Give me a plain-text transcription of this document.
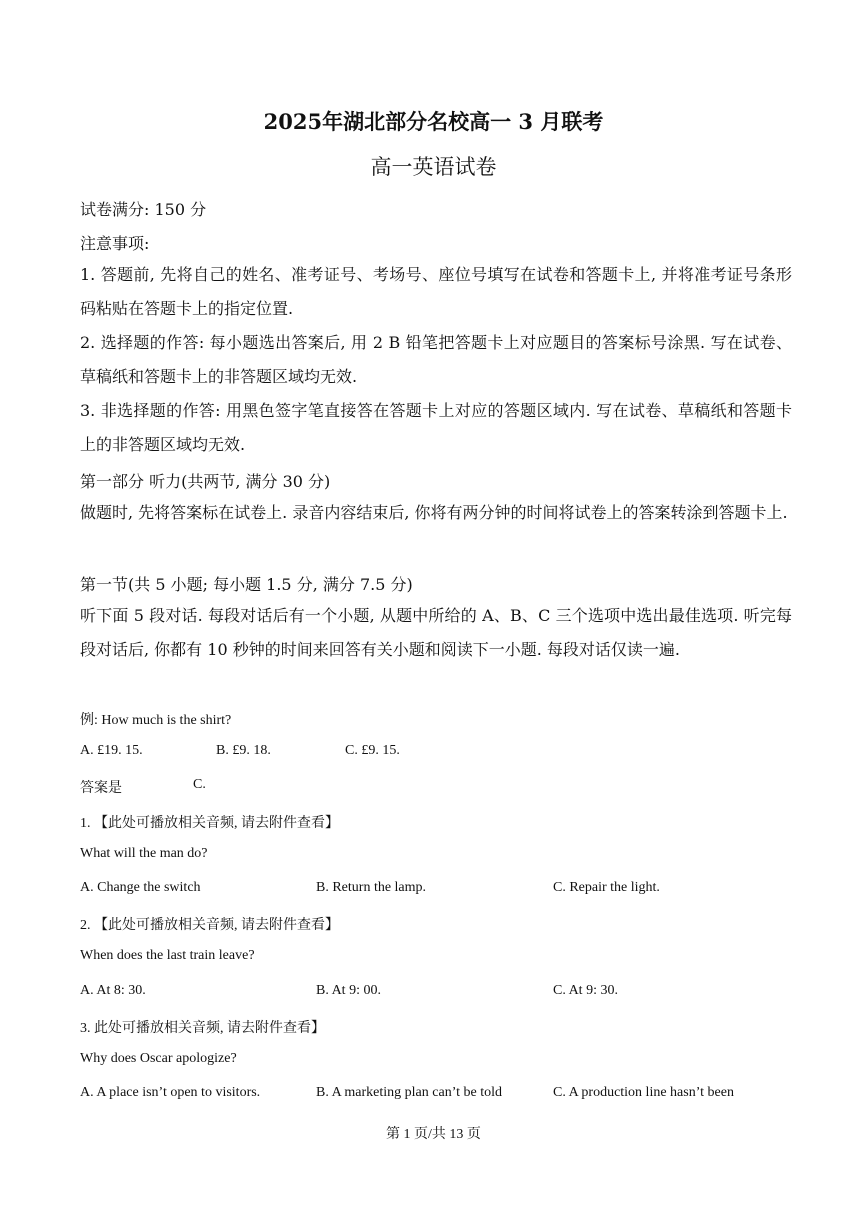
2025年湖北部分名校高一 3 月联考
高一英语试卷
试卷满分: 150 分
注意事项:
1. 答题前, 先将自己的姓名、准考证号、考场号、座位号填写在试卷和答题卡上, 并将准考证号条形码粘贴在答题卡上的指定位置.
2. 选择题的作答: 每小题选出答案后, 用 2 B 铅笔把答题卡上对应题目的答案标号涂黑. 写在试卷、草稿纸和答题卡上的非答题区域均无效.
3. 非选择题的作答: 用黑色签字笔直接答在答题卡上对应的答题区域内. 写在试卷、草稿纸和答题卡上的非答题区域均无效.
第一部分 听力(共两节, 满分 30 分)
做题时, 先将答案标在试卷上. 录音内容结束后, 你将有两分钟的时间将试卷上的答案转涂到答题卡上.
第一节(共 5 小题; 每小题 1.5 分, 满分 7.5 分)
听下面 5 段对话. 每段对话后有一个小题, 从题中所给的 A、B、C 三个选项中选出最佳选项. 听完每段对话后, 你都有 10 秒钟的时间来回答有关小题和阅读下一小题. 每段对话仅读一遍.
例: How much is the shirt?
A. £19. 15.	B. £9. 18.	C. £9. 15.
答案是	C.
1. 【此处可播放相关音频, 请去附件查看】
What will the man do?
A. Change the switch	B. Return the lamp.	C. Repair the light.
2. 【此处可播放相关音频, 请去附件查看】
When does the last train leave?
A. At 8: 30.	B. At 9: 00.	C. At 9: 30.
3. 此处可播放相关音频, 请去附件查看】
Why does Oscar apologize?
A. A place isn’t open to visitors.	B. A marketing plan can’t be told	C. A production line hasn’t been
第 1 页/共 13 页
